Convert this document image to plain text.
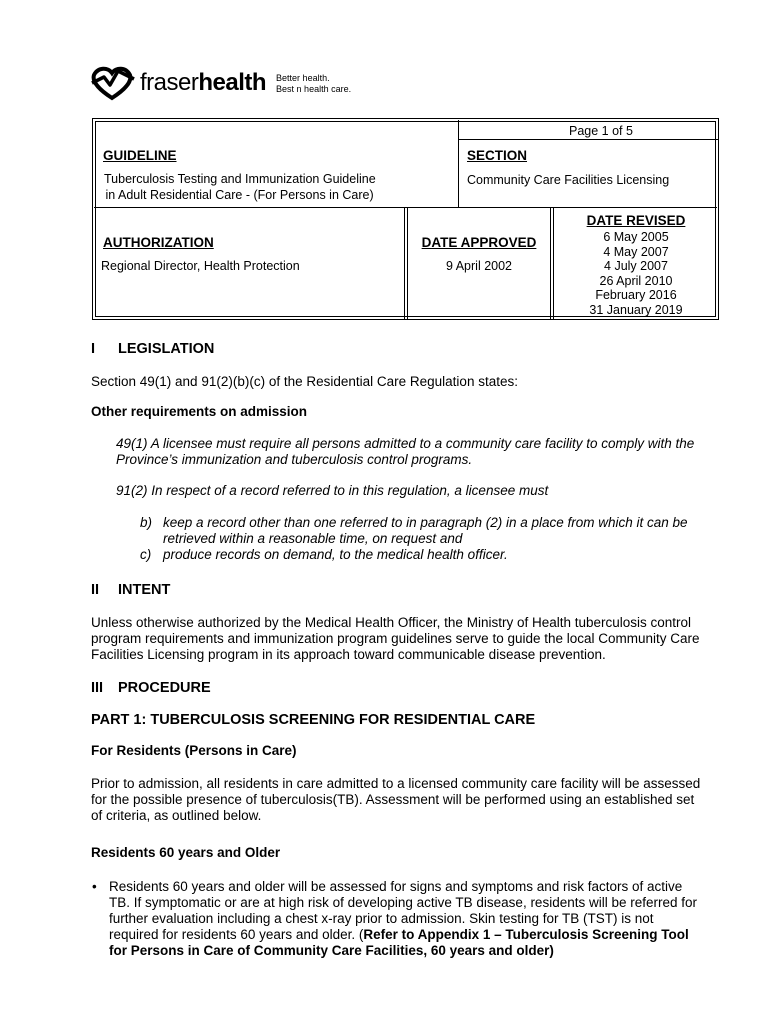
fraserhealth Better health.
Best n health care.
Page 1 of 5
GUIDELINE
Tuberculosis Testing and Immunization Guideline
in Adult Residential Care - (For Persons in Care)
SECTION
Community Care Facilities Licensing
AUTHORIZATION
Regional Director, Health Protection
DATE APPROVED
9 April 2002
DATE REVISED
6 May 2005
4 May 2007
4 July 2007
26 April 2010
February 2016
31 January 2019
I LEGISLATION
Section 49(1) and 91(2)(b)(c) of the Residential Care Regulation states:
Other requirements on admission
49(1) A licensee must require all persons admitted to a community care facility to comply with the
Province’s immunization and tuberculosis control programs.
91(2) In respect of a record referred to in this regulation, a licensee must
b) keep a record other than one referred to in paragraph (2) in a place from which it can be
retrieved within a reasonable time, on request and
c) produce records on demand, to the medical health officer.
II INTENT
Unless otherwise authorized by the Medical Health Officer, the Ministry of Health tuberculosis control
program requirements and immunization program guidelines serve to guide the local Community Care
Facilities Licensing program in its approach toward communicable disease prevention.
III PROCEDURE
PART 1: TUBERCULOSIS SCREENING FOR RESIDENTIAL CARE
For Residents (Persons in Care)
Prior to admission, all residents in care admitted to a licensed community care facility will be assessed
for the possible presence of tuberculosis(TB). Assessment will be performed using an established set
of criteria, as outlined below.
Residents 60 years and Older
• Residents 60 years and older will be assessed for signs and symptoms and risk factors of active
TB. If symptomatic or are at high risk of developing active TB disease, residents will be referred for
further evaluation including a chest x-ray prior to admission. Skin testing for TB (TST) is not
required for residents 60 years and older. (Refer to Appendix 1 – Tuberculosis Screening Tool
for Persons in Care of Community Care Facilities, 60 years and older)
